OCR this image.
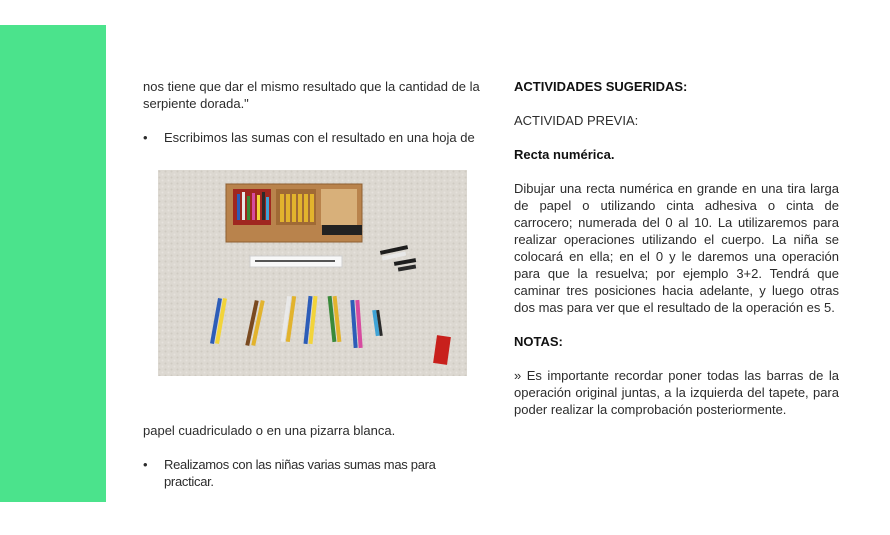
nos tiene que dar el mismo resultado que la cantidad de la serpiente dorada."

•	Escribimos las sumas con el resultado en una hoja de

papel cuadriculado o en una pizarra blanca.

•	Realizamos con las niñas varias sumas mas para practicar.

ACTIVIDADES SUGERIDAS:

ACTIVIDAD PREVIA:

Recta numérica.

Dibujar una recta numérica en grande en una tira larga de papel o utilizando cinta adhesiva o cinta de carrocero; numerada del 0 al 10. La utilizaremos para realizar operaciones utilizando el cuerpo. La niña se colocará en ella; en el 0 y le daremos una operación para que la resuelva; por ejemplo 3+2. Tendrá que caminar tres posiciones hacia adelante, y luego otras dos mas para ver que el resultado de la operación es 5.

NOTAS:

» Es importante recordar poner todas las barras de la operación original juntas, a la izquierda del tapete, para poder realizar la comprobación posteriormente.
